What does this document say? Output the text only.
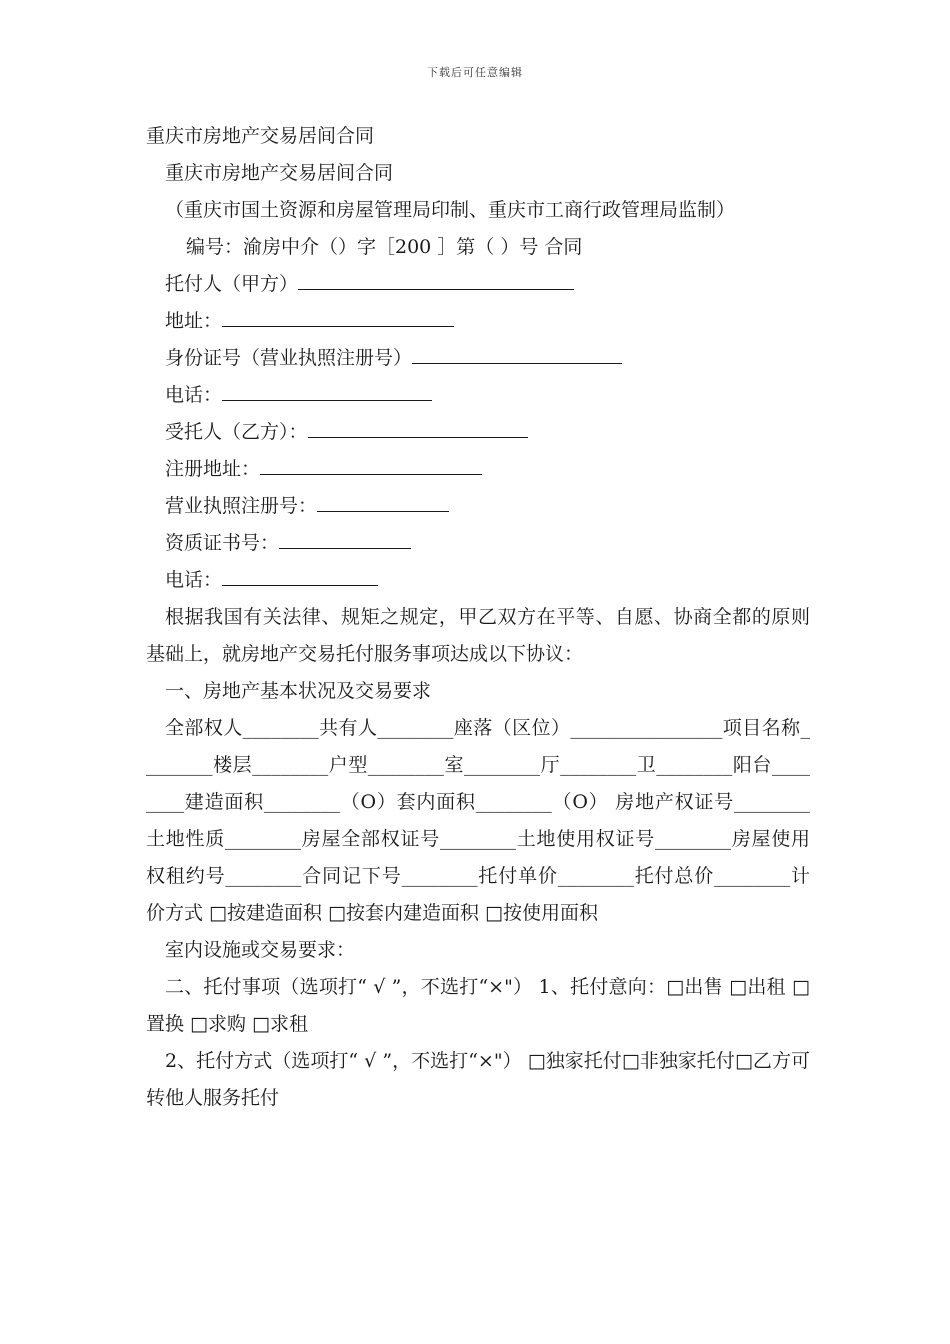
下载后可任意编辑

重庆市房地产交易居间合同

重庆市房地产交易居间合同

（重庆市国土资源和房屋管理局印制、重庆市工商行政管理局监制）

编号：渝房中介（）字［200 ］第（ ）号 合同

托付人（甲方）

地址：

身份证号（营业执照注册号）

电话：

受托人（乙方）：

注册地址：

营业执照注册号：

资质证书号：

电话：

根据我国有关法律、规矩之规定，甲乙双方在平等、自愿、协商全都的原则基础上，就房地产交易托付服务事项达成以下协议：

一、房地产基本状况及交易要求

全部权人________共有人________座落（区位）________________项目名称________楼层________户型________室________厅________卫________阳台________建造面积________（O）套内面积________（O） 房地产权证号________土地性质________房屋全部权证号________土地使用权证号________房屋使用权租约号________合同记下号________托付单价________托付总价________计价方式 □按建造面积 □按套内建造面积 □按使用面积

室内设施或交易要求：

二、托付事项（选项打“ √ ”，不选打“×"） 1、托付意向：□出售 □出租 □置换 □求购 □求租

2、托付方式（选项打“ √ ”，不选打“×"） □独家托付□非独家托付□乙方可转他人服务托付
